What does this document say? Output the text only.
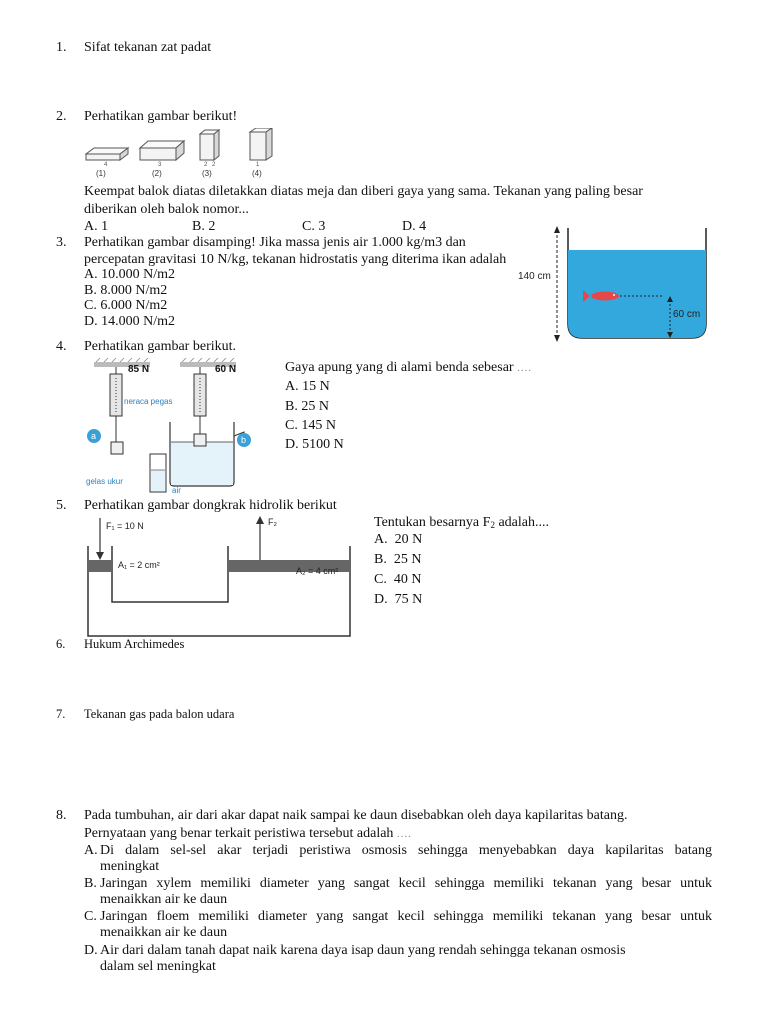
1. Sifat tekanan zat padat
2. Perhatikan gambar berikut!
4	3	2 2	1
(1)	(2)	(3)	(4)
Keempat balok diatas diletakkan diatas meja dan diberi gaya yang sama. Tekanan yang paling besar
diberikan oleh balok nomor...
A. 1	B. 2	C. 3	D. 4
3. Perhatikan gambar disamping! Jika massa jenis air 1.000 kg/m3 dan
percepatan gravitasi 10 N/kg, tekanan hidrostatis yang diterima ikan adalah
A. 10.000 N/m2
B. 8.000 N/m2
C. 6.000 N/m2
D. 14.000 N/m2
140 cm
60 cm
4. Perhatikan gambar berikut.
85 N	60 N
neraca pegas
a	b
gelas ukur
air
Gaya apung yang di alami benda sebesar ....
A. 15 N
B. 25 N
C. 145 N
D. 5100 N
5. Perhatikan gambar dongkrak hidrolik berikut
F₁ = 10 N	F₂
A₁ = 2 cm²
A₂ = 4 cm²
Tentukan besarnya $F_2$ adalah....
A. 20 N
B. 25 N
C. 40 N
D. 75 N
6. Hukum Archimedes
7. Tekanan gas pada balon udara
8. Pada tumbuhan, air dari akar dapat naik sampai ke daun disebabkan oleh daya kapilaritas batang.
Pernyataan yang benar terkait peristiwa tersebut adalah ....
A. Di dalam sel-sel akar terjadi peristiwa osmosis sehingga menyebabkan daya kapilaritas batang
meningkat
B. Jaringan xylem memiliki diameter yang sangat kecil sehingga memiliki tekanan yang besar untuk
menaikkan air ke daun
C. Jaringan floem memiliki diameter yang sangat kecil sehingga memiliki tekanan yang besar untuk
menaikkan air ke daun
D. Air dari dalam tanah dapat naik karena daya isap daun yang rendah sehingga tekanan osmosis
dalam sel meningkat
